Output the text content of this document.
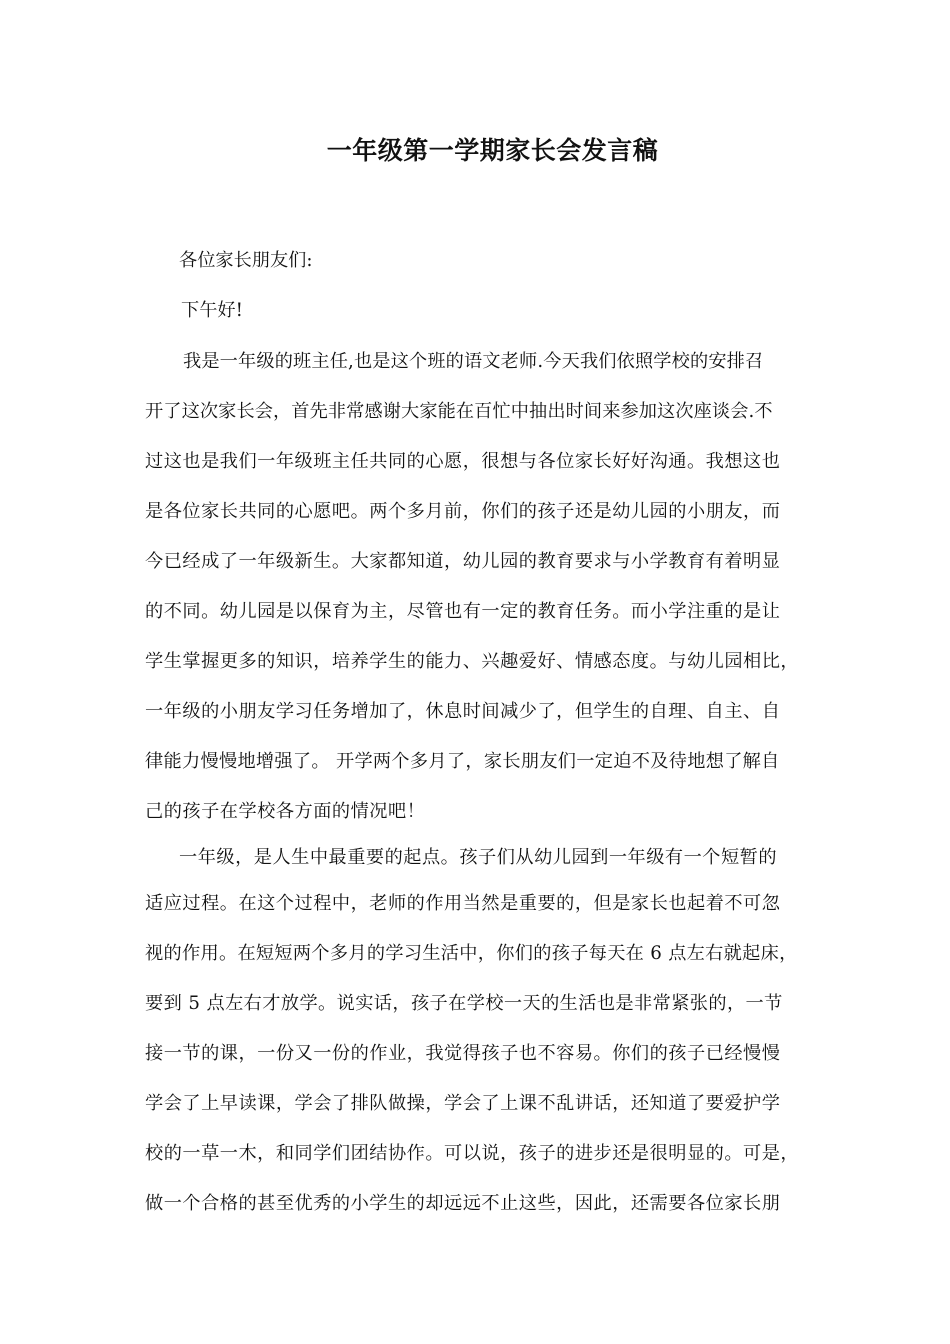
一年级第一学期家长会发言稿

各位家长朋友们:

下午好!

我是一年级的班主任,也是这个班的语文老师.今天我们依照学校的安排召

开了这次家长会，首先非常感谢大家能在百忙中抽出时间来参加这次座谈会.不

过这也是我们一年级班主任共同的心愿，很想与各位家长好好沟通。我想这也

是各位家长共同的心愿吧。两个多月前，你们的孩子还是幼儿园的小朋友，而

今已经成了一年级新生。大家都知道，幼儿园的教育要求与小学教育有着明显

的不同。幼儿园是以保育为主，尽管也有一定的教育任务。而小学注重的是让

学生掌握更多的知识，培养学生的能力、兴趣爱好、情感态度。与幼儿园相比，

一年级的小朋友学习任务增加了，休息时间减少了，但学生的自理、自主、自

律能力慢慢地增强了。 开学两个多月了，家长朋友们一定迫不及待地想了解自

己的孩子在学校各方面的情况吧！

一年级，是人生中最重要的起点。孩子们从幼儿园到一年级有一个短暂的

适应过程。在这个过程中，老师的作用当然是重要的，但是家长也起着不可忽

视的作用。在短短两个多月的学习生活中，你们的孩子每天在 6 点左右就起床，

要到 5 点左右才放学。说实话，孩子在学校一天的生活也是非常紧张的，一节

接一节的课，一份又一份的作业，我觉得孩子也不容易。你们的孩子已经慢慢

学会了上早读课，学会了排队做操，学会了上课不乱讲话，还知道了要爱护学

校的一草一木，和同学们团结协作。可以说，孩子的进步还是很明显的。可是，

做一个合格的甚至优秀的小学生的却远远不止这些，因此，还需要各位家长朋
